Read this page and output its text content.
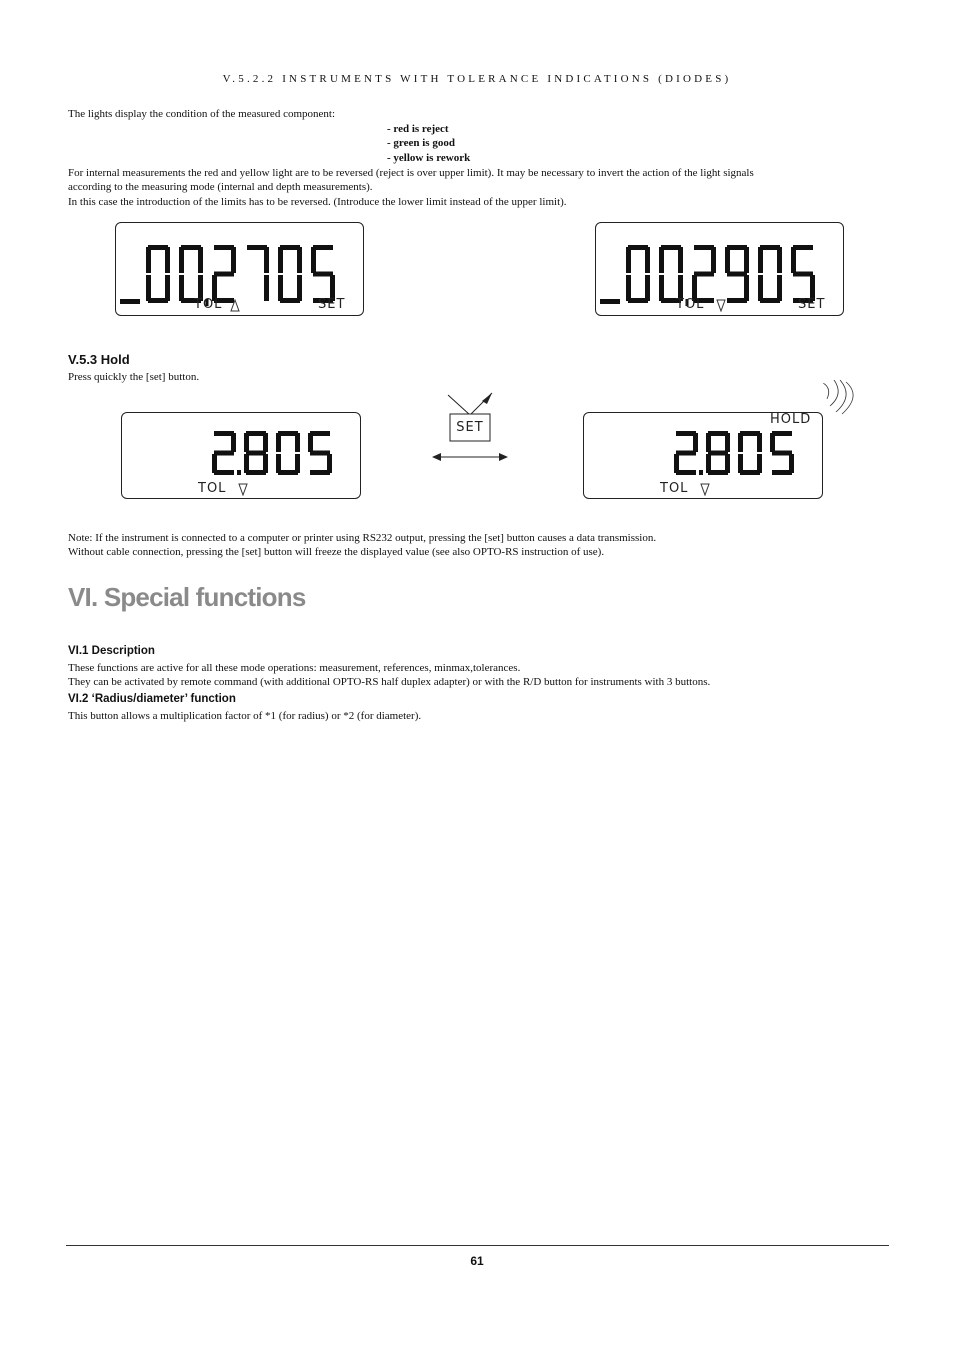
V.5.2.2 INSTRUMENTS WITH TOLERANCE INDICATIONS (DIODES)
The lights display the condition of the measured component:
- red is reject
- green is good
- yellow is rework
For internal measurements the red and yellow light are to be reversed (reject is over upper limit). It may be necessary to invert the action of the light signals
according to the measuring mode (internal and depth measurements).
In this case the introduction of the limits has to be reversed. (Introduce the lower limit instead of the upper limit).
TOL	SET	TOL	SET
V.5.3 Hold
Press quickly the [set] button.
TOL
SET
HOLD
TOL
Note: If the instrument is connected to a computer or printer using RS232 output, pressing the [set] button causes a data transmission.
Without cable connection, pressing the [set] button will freeze the displayed value (see also OPTO-RS instruction of use).
VI. Special functions
VI.1 Description
These functions are active for all these mode operations: measurement, references, minmax,tolerances.
They can be activated by remote command (with additional OPTO-RS half duplex adapter) or with the R/D button for instruments with 3 buttons.
VI.2 ‘Radius/diameter’ function
This button allows a multiplication factor of *1 (for radius) or *2 (for diameter).
61
